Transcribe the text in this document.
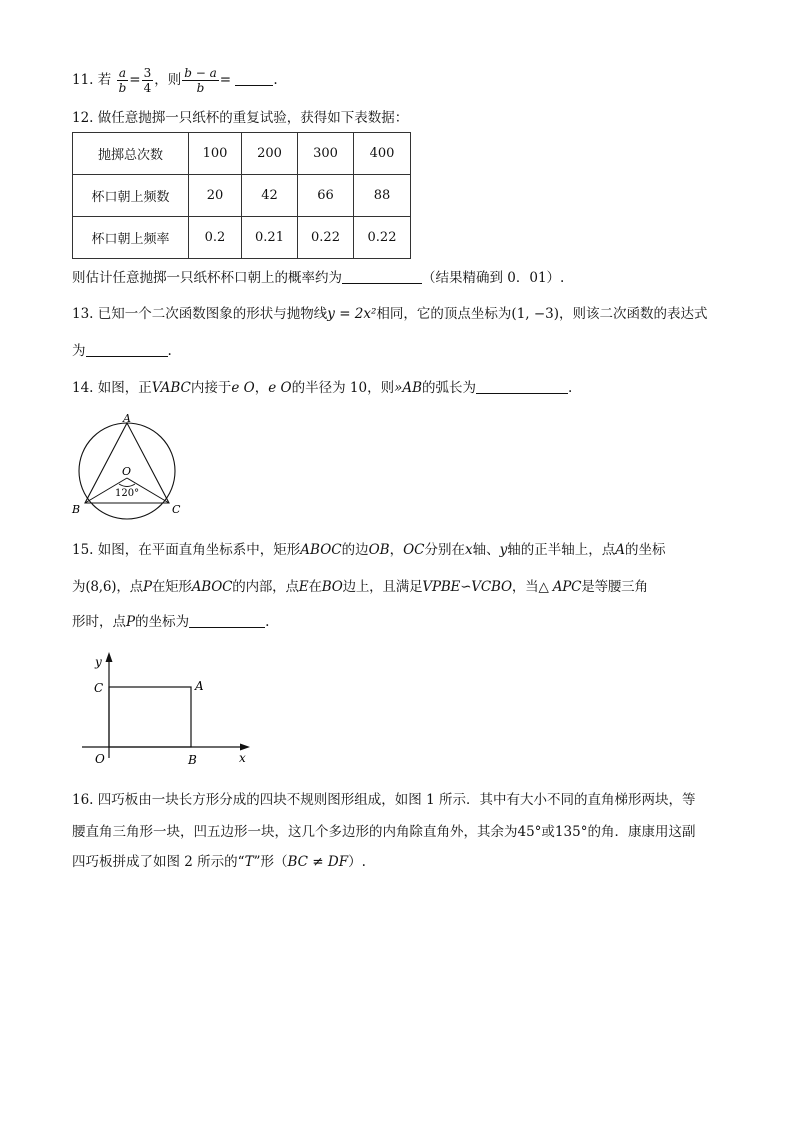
11. 若 $\frac{a}{b} = \frac{3}{4}$ ，则 $\frac{b - a}{b}$ =	.
12. 做任意抛掷一只纸杯的重复试验，获得如下表数据：
抛掷总次数	100	200	300	400
杯口朝上频数	20	42	66	88
杯口朝上频率	0.2	0.21	0.22	0.22
则估计任意抛掷一只纸杯杯口朝上的概率约为	（结果精确到 0．01）.
13. 已知一个二次函数图象的形状与抛物线y = 2x²相同，它的顶点坐标为(1, −3)，则该二次函数的表达式
为	.
14. 如图，正VABC内接于e O，e O的半径为 10，则»AB的弧长为	.
A
O
120°
B	C
15. 如图，在平面直角坐标系中，矩形ABOC的边OB，OC分别在x轴、y轴的正半轴上，点A的坐标
为(8,6)，点P在矩形ABOC的内部，点E在BO边上，且满足VPBE∽VCBO，当△ APC是等腰三角
形时，点P的坐标为	.
y
C	A
O	B	x
16. 四巧板由一块长方形分成的四块不规则图形组成，如图 1 所示．其中有大小不同的直角梯形两块，等
腰直角三角形一块，凹五边形一块，这几个多边形的内角除直角外，其余为45°或135°的角．康康用这副
四巧板拼成了如图 2 所示的“T”形（BC ≠ DF）.
